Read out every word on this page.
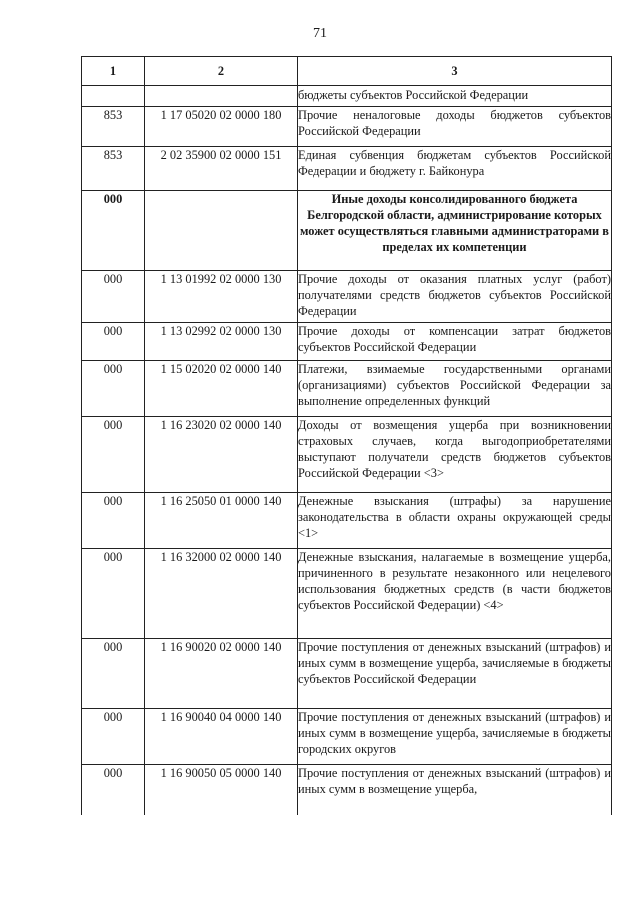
71
1	2	3
		бюджеты субъектов Российской Федерации
853	1 17 05020 02 0000 180	Прочие неналоговые доходы бюджетов субъектов Российской Федерации
853	2 02 35900 02 0000 151	Единая субвенция бюджетам субъектов Российской Федерации и бюджету г. Байконура
000		Иные доходы консолидированного бюджета Белгородской области, администрирование которых может осуществляться главными администраторами в пределах их компетенции
000	1 13 01992 02 0000 130	Прочие доходы от оказания платных услуг (работ) получателями средств бюджетов субъектов Российской Федерации
000	1 13 02992 02 0000 130	Прочие доходы от компенсации затрат бюджетов субъектов Российской Федерации
000	1 15 02020 02 0000 140	Платежи, взимаемые государственными органами (организациями) субъектов Российской Федерации за выполнение определенных функций
000	1 16 23020 02 0000 140	Доходы от возмещения ущерба при возникновении страховых случаев, когда выгодоприобретателями выступают получатели средств бюджетов субъектов Российской Федерации <3>
000	1 16 25050 01 0000 140	Денежные взыскания (штрафы) за нарушение законодательства в области охраны окружающей среды <1>
000	1 16 32000 02 0000 140	Денежные взыскания, налагаемые в возмещение ущерба, причиненного в результате незаконного или нецелевого использования бюджетных средств (в части бюджетов субъектов Российской Федерации) <4>
000	1 16 90020 02 0000 140	Прочие поступления от денежных взысканий (штрафов) и иных сумм в возмещение ущерба, зачисляемые в бюджеты субъектов Российской Федерации
000	1 16 90040 04 0000 140	Прочие поступления от денежных взысканий (штрафов) и иных сумм в возмещение ущерба, зачисляемые в бюджеты городских округов
000	1 16 90050 05 0000 140	Прочие поступления от денежных взысканий (штрафов) и иных сумм в возмещение ущерба,
